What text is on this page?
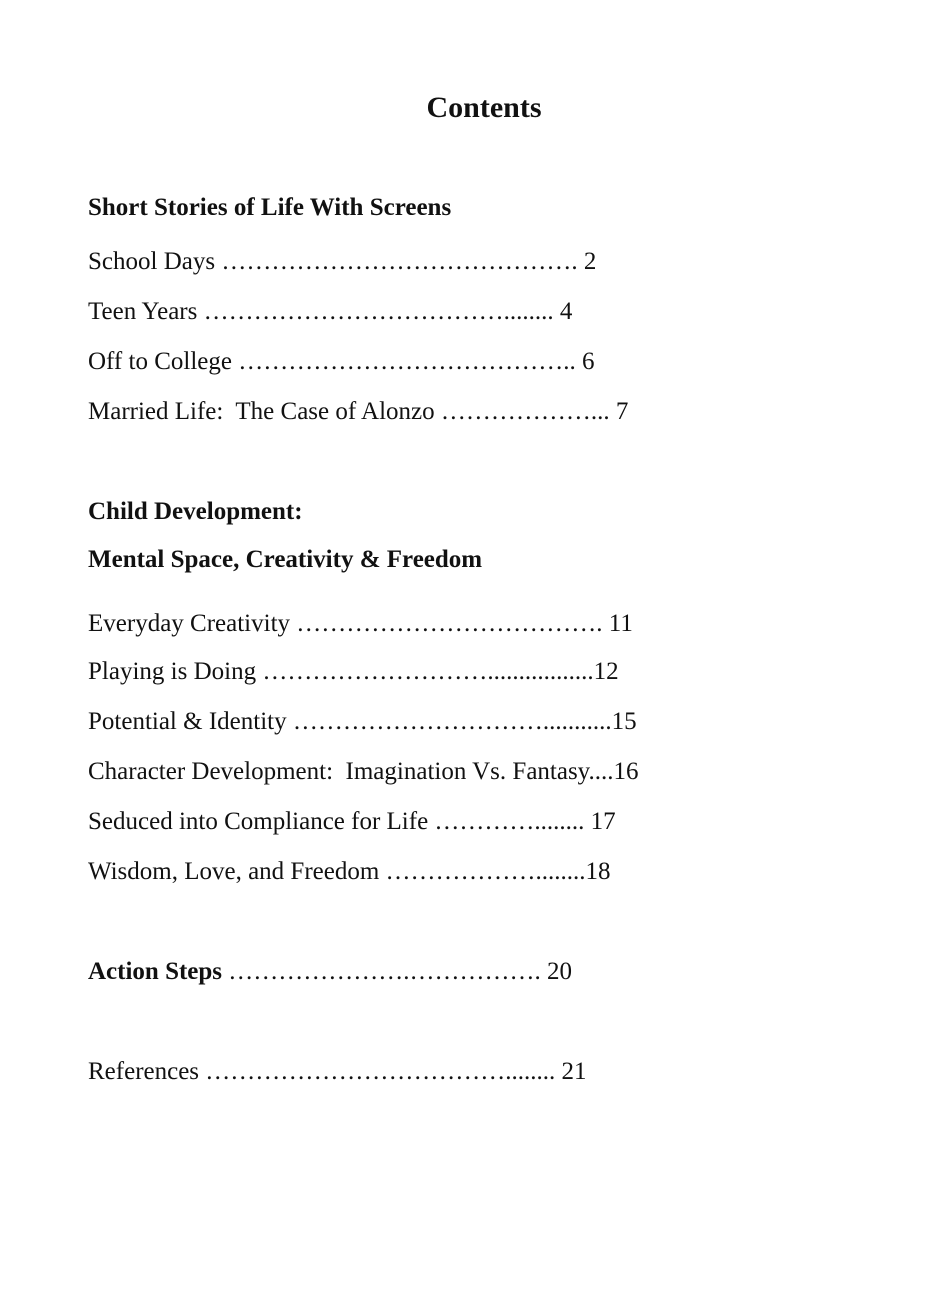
Contents

Short Stories of Life With Screens

School Days ……………………………………. 2

Teen Years ………………………………........ 4

Off to College ………………………………….. 6

Married Life:  The Case of Alonzo ………………... 7

Child Development:

Mental Space, Creativity & Freedom

Everyday Creativity ………………………………. 11

Playing is Doing ……………………….................12

Potential & Identity …………………………...........15

Character Development:  Imagination Vs. Fantasy....16

Seduced into Compliance for Life …………........ 17

Wisdom, Love, and Freedom ………………........18

Action Steps ………………….……………. 20

References ………………………………........ 21
